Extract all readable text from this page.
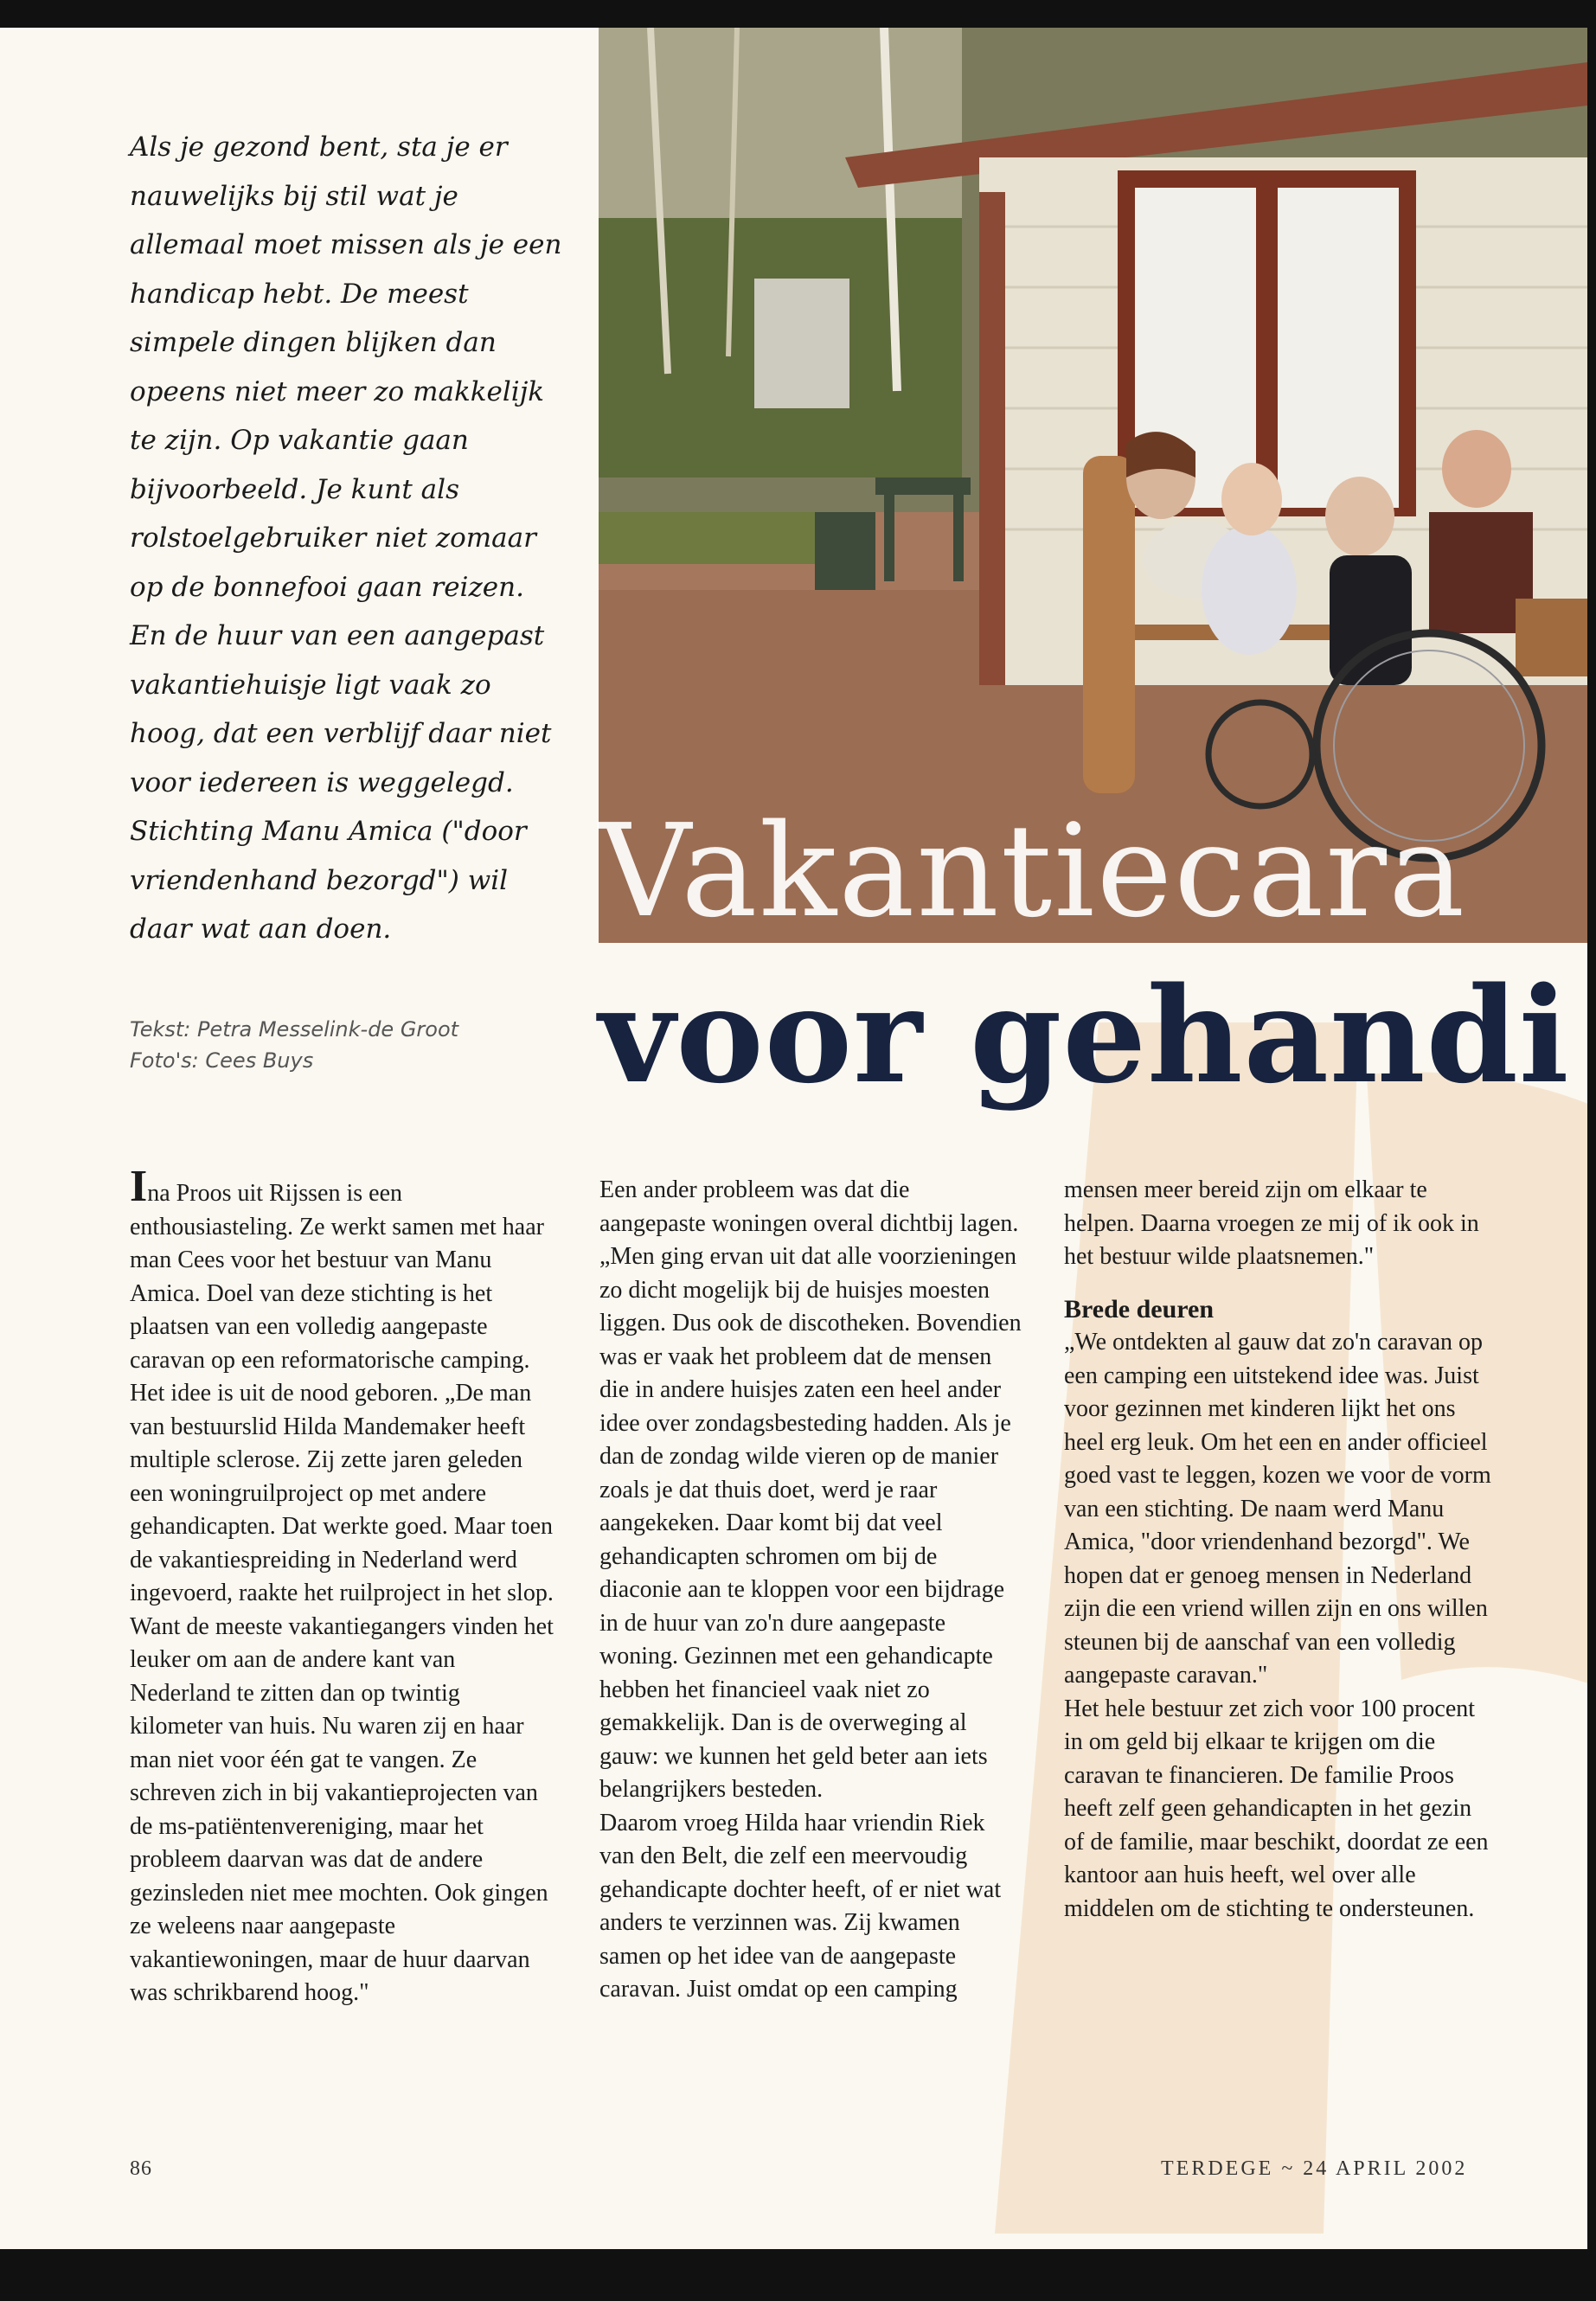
Vakantiecara
voor gehandi

Als je gezond bent, sta je er nauwelijks bij stil wat je allemaal moet missen als je een handicap hebt. De meest simpele dingen blijken dan opeens niet meer zo makkelijk te zijn. Op vakantie gaan bijvoorbeeld. Je kunt als rolstoelgebruiker niet zomaar op de bonnefooi gaan reizen. En de huur van een aangepast vakantiehuisje ligt vaak zo hoog, dat een verblijf daar niet voor iedereen is weggelegd. Stichting Manu Amica ("door vriendenhand bezorgd") wil daar wat aan doen.

Tekst: Petra Messelink-de Groot
Foto's: Cees Buys

Ina Proos uit Rijssen is een enthousiasteling. Ze werkt samen met haar man Cees voor het bestuur van Manu Amica. Doel van deze stichting is het plaatsen van een volledig aangepaste caravan op een reformatorische camping. Het idee is uit de nood geboren. „De man van bestuurslid Hilda Mandemaker heeft multiple sclerose. Zij zette jaren geleden een woningruilproject op met andere gehandicapten. Dat werkte goed. Maar toen de vakantiespreiding in Nederland werd ingevoerd, raakte het ruilproject in het slop. Want de meeste vakantiegangers vinden het leuker om aan de andere kant van Nederland te zitten dan op twintig kilometer van huis. Nu waren zij en haar man niet voor één gat te vangen. Ze schreven zich in bij vakantieprojecten van de ms-patiëntenvereniging, maar het probleem daarvan was dat de andere gezinsleden niet mee mochten. Ook gingen ze weleens naar aangepaste vakantiewoningen, maar de huur daarvan was schrikbarend hoog."

Een ander probleem was dat die aangepaste woningen overal dichtbij lagen. „Men ging ervan uit dat alle voorzieningen zo dicht mogelijk bij de huisjes moesten liggen. Dus ook de discotheken. Bovendien was er vaak het probleem dat de mensen die in andere huisjes zaten een heel ander idee over zondagsbesteding hadden. Als je dan de zondag wilde vieren op de manier zoals je dat thuis doet, werd je raar aangekeken. Daar komt bij dat veel gehandicapten schromen om bij de diaconie aan te kloppen voor een bijdrage in de huur van zo'n dure aangepaste woning. Gezinnen met een gehandicapte hebben het financieel vaak niet zo gemakkelijk. Dan is de overweging al gauw: we kunnen het geld beter aan iets belangrijkers besteden.

Daarom vroeg Hilda haar vriendin Riek van den Belt, die zelf een meervoudig gehandicapte dochter heeft, of er niet wat anders te verzinnen was. Zij kwamen samen op het idee van de aangepaste caravan. Juist omdat op een camping

mensen meer bereid zijn om elkaar te helpen. Daarna vroegen ze mij of ik ook in het bestuur wilde plaatsnemen."

Brede deuren

„We ontdekten al gauw dat zo'n caravan op een camping een uitstekend idee was. Juist voor gezinnen met kinderen lijkt het ons heel erg leuk. Om het een en ander officieel goed vast te leggen, kozen we voor de vorm van een stichting. De naam werd Manu Amica, "door vriendenhand bezorgd". We hopen dat er genoeg mensen in Nederland zijn die een vriend willen zijn en ons willen steunen bij de aanschaf van een volledig aangepaste caravan."

Het hele bestuur zet zich voor 100 procent in om geld bij elkaar te krijgen om die caravan te financieren. De familie Proos heeft zelf geen gehandicapten in het gezin of de familie, maar beschikt, doordat ze een kantoor aan huis heeft, wel over alle middelen om de stichting te ondersteunen.

86	TERDEGE ~ 24 APRIL 2002
